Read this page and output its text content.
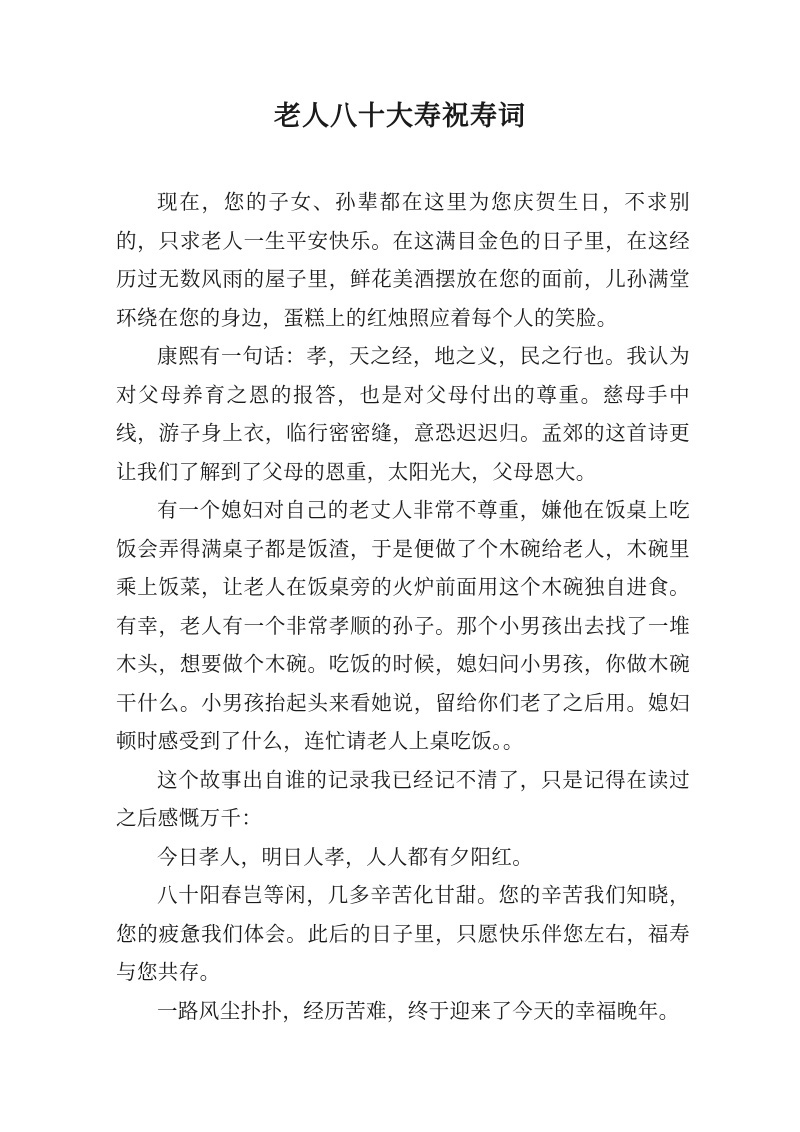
老人八十大寿祝寿词

现在，您的子女、孙辈都在这里为您庆贺生日，不求别的，只求老人一生平安快乐。在这满目金色的日子里，在这经历过无数风雨的屋子里，鲜花美酒摆放在您的面前，儿孙满堂环绕在您的身边，蛋糕上的红烛照应着每个人的笑脸。

康熙有一句话：孝，天之经，地之义，民之行也。我认为对父母养育之恩的报答，也是对父母付出的尊重。慈母手中线，游子身上衣，临行密密缝，意恐迟迟归。孟郊的这首诗更让我们了解到了父母的恩重，太阳光大，父母恩大。

有一个媳妇对自己的老丈人非常不尊重，嫌他在饭桌上吃饭会弄得满桌子都是饭渣，于是便做了个木碗给老人，木碗里乘上饭菜，让老人在饭桌旁的火炉前面用这个木碗独自进食。有幸，老人有一个非常孝顺的孙子。那个小男孩出去找了一堆木头，想要做个木碗。吃饭的时候，媳妇问小男孩，你做木碗干什么。小男孩抬起头来看她说，留给你们老了之后用。媳妇顿时感受到了什么，连忙请老人上桌吃饭。。

这个故事出自谁的记录我已经记不清了，只是记得在读过之后感慨万千：

今日孝人，明日人孝，人人都有夕阳红。

八十阳春岂等闲，几多辛苦化甘甜。您的辛苦我们知晓，您的疲惫我们体会。此后的日子里，只愿快乐伴您左右，福寿与您共存。

一路风尘扑扑，经历苦难，终于迎来了今天的幸福晚年。
